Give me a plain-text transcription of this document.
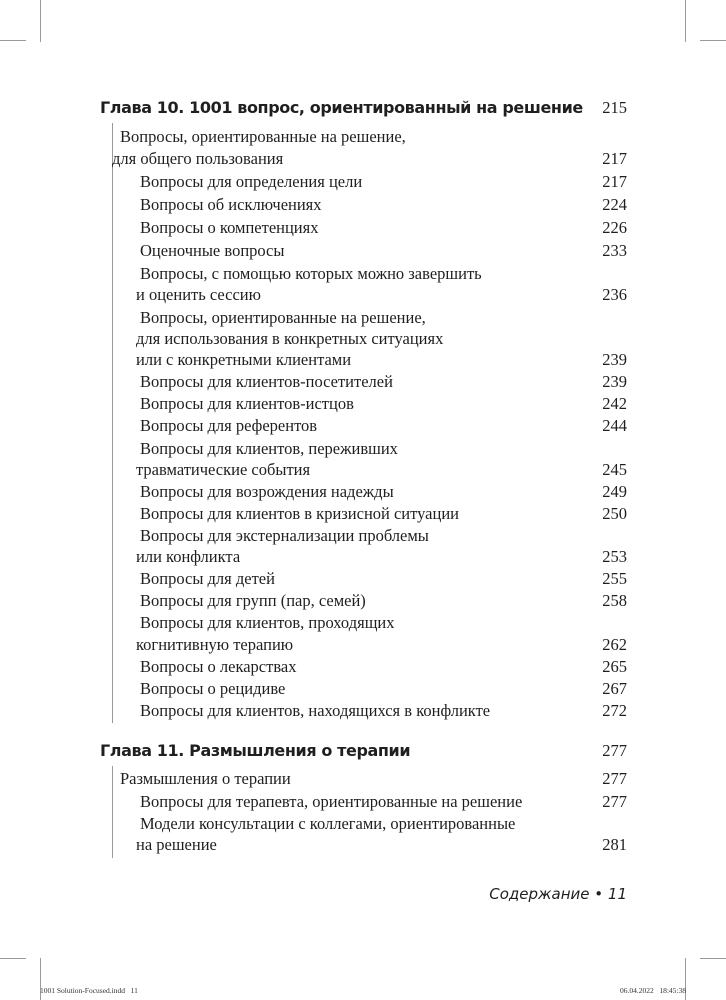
Глава 10. 1001 вопрос, ориентированный на решение 215
Вопросы, ориентированные на решение,
для общего пользования	217
Вопросы для определения цели	217
Вопросы об исключениях	224
Вопросы о компетенциях	226
Оценочные вопросы	233
Вопросы, с помощью которых можно завершить
и оценить сессию	236
Вопросы, ориентированные на решение,
для использования в конкретных ситуациях
или с конкретными клиентами	239
Вопросы для клиентов-посетителей	239
Вопросы для клиентов-истцов	242
Вопросы для референтов	244
Вопросы для клиентов, переживших
травматические события	245
Вопросы для возрождения надежды	249
Вопросы для клиентов в кризисной ситуации	250
Вопросы для экстернализации проблемы
или конфликта	253
Вопросы для детей	255
Вопросы для групп (пар, семей)	258
Вопросы для клиентов, проходящих
когнитивную терапию	262
Вопросы о лекарствах	265
Вопросы о рецидиве	267
Вопросы для клиентов, находящихся в конфликте	272
Глава 11. Размышления о терапии	277
Размышления о терапии	277
Вопросы для терапевта, ориентированные на решение	277
Модели консультации с коллегами, ориентированные
на решение	281
Содержание • 11
1001 Solution-Focused.indd   11	06.04.2022   18:45:38
